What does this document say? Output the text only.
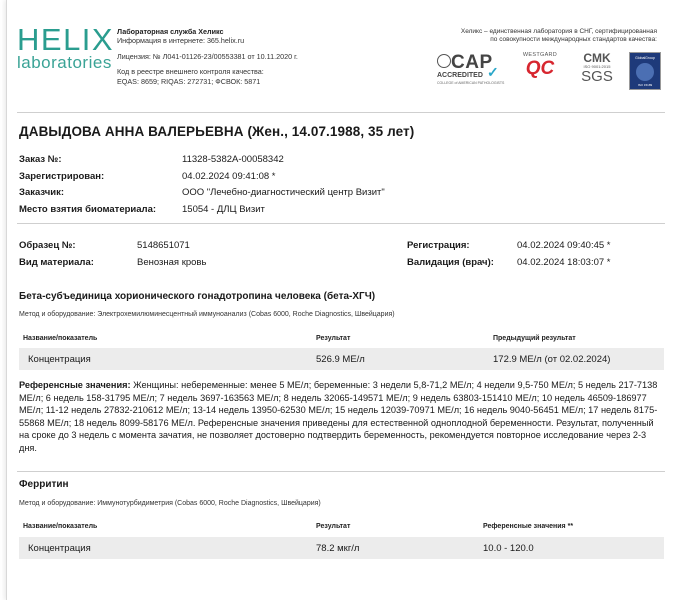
HELIX
laboratories
Лабораторная служба Хеликс
Информация в интернете: 365.helix.ru
Лицензия: № Л041-01126-23/00553381 от 10.11.2020 г.
Код в реестре внешнего контроля качества:
EQAS: 8659; RIQAS: 272731; ФСВОК: 5871
Хеликс – единственная лаборатория в СНГ, сертифицированная
по совокупности международных стандартов качества:
CAP
ACCREDITED ✓
COLLEGE of AMERICAN PATHOLOGISTS
WESTGARD
QC	CMK
ISO 9001:2015
SGS
GlobalGroup
ISO 15189
ДАВЫДОВА АННА ВАЛЕРЬЕВНА (Жен., 14.07.1988, 35 лет)
Заказ №:	11328-5382A-00058342
Зарегистрирован:	04.02.2024 09:41:08 *
Заказчик:	ООО "Лечебно-диагностический центр Визит"
Место взятия биоматериала:	15054 - ДЛЦ Визит
Образец №:	5148651071
Вид материала:	Венозная кровь
Регистрация:	04.02.2024 09:40:45 *
Валидация (врач): 04.02.2024 18:03:07 *
Бета-субъединица хорионического гонадотропина человека (бета-ХГЧ)
Метод и оборудование: Электрохемилюминесцентный иммуноанализ (Cobas 6000, Roche Diagnostics, Швейцария)
Название/показатель	Результат	Предыдущий результат
Концентрация	526.9 МЕ/л	172.9 МЕ/л (от 02.02.2024)
Референсные значения: Женщины: небеременные: менее 5 МЕ/л; беременные: 3 недели 5,8-71,2 МЕ/л; 4 недели 9,5-750 МЕ/л; 5 недель 217-7138 МЕ/л; 6 недель 158-31795 МЕ/л; 7 недель 3697-163563 МЕ/л; 8 недель 32065-149571 МЕ/л; 9 недель 63803-151410 МЕ/л; 10 недель 46509-186977 МЕ/л; 11-12 недель 27832-210612 МЕ/л; 13-14 недель 13950-62530 МЕ/л; 15 недель 12039-70971 МЕ/л; 16 недель 9040-56451 МЕ/л; 17 недель 8175-55868 МЕ/л; 18 недель 8099-58176 МЕ/л. Референсные значения приведены для естественной одноплодной беременности. Результат, полученный на сроке до 3 недель с момента зачатия, не позволяет достоверно подтвердить беременность, рекомендуется повторное исследование через 2-3 дня.
Ферритин
Метод и оборудование: Иммунотурбидиметрия (Cobas 6000, Roche Diagnostics, Швейцария)
Название/показатель	Результат	Референсные значения **
Концентрация	78.2 мкг/л	10.0 - 120.0
